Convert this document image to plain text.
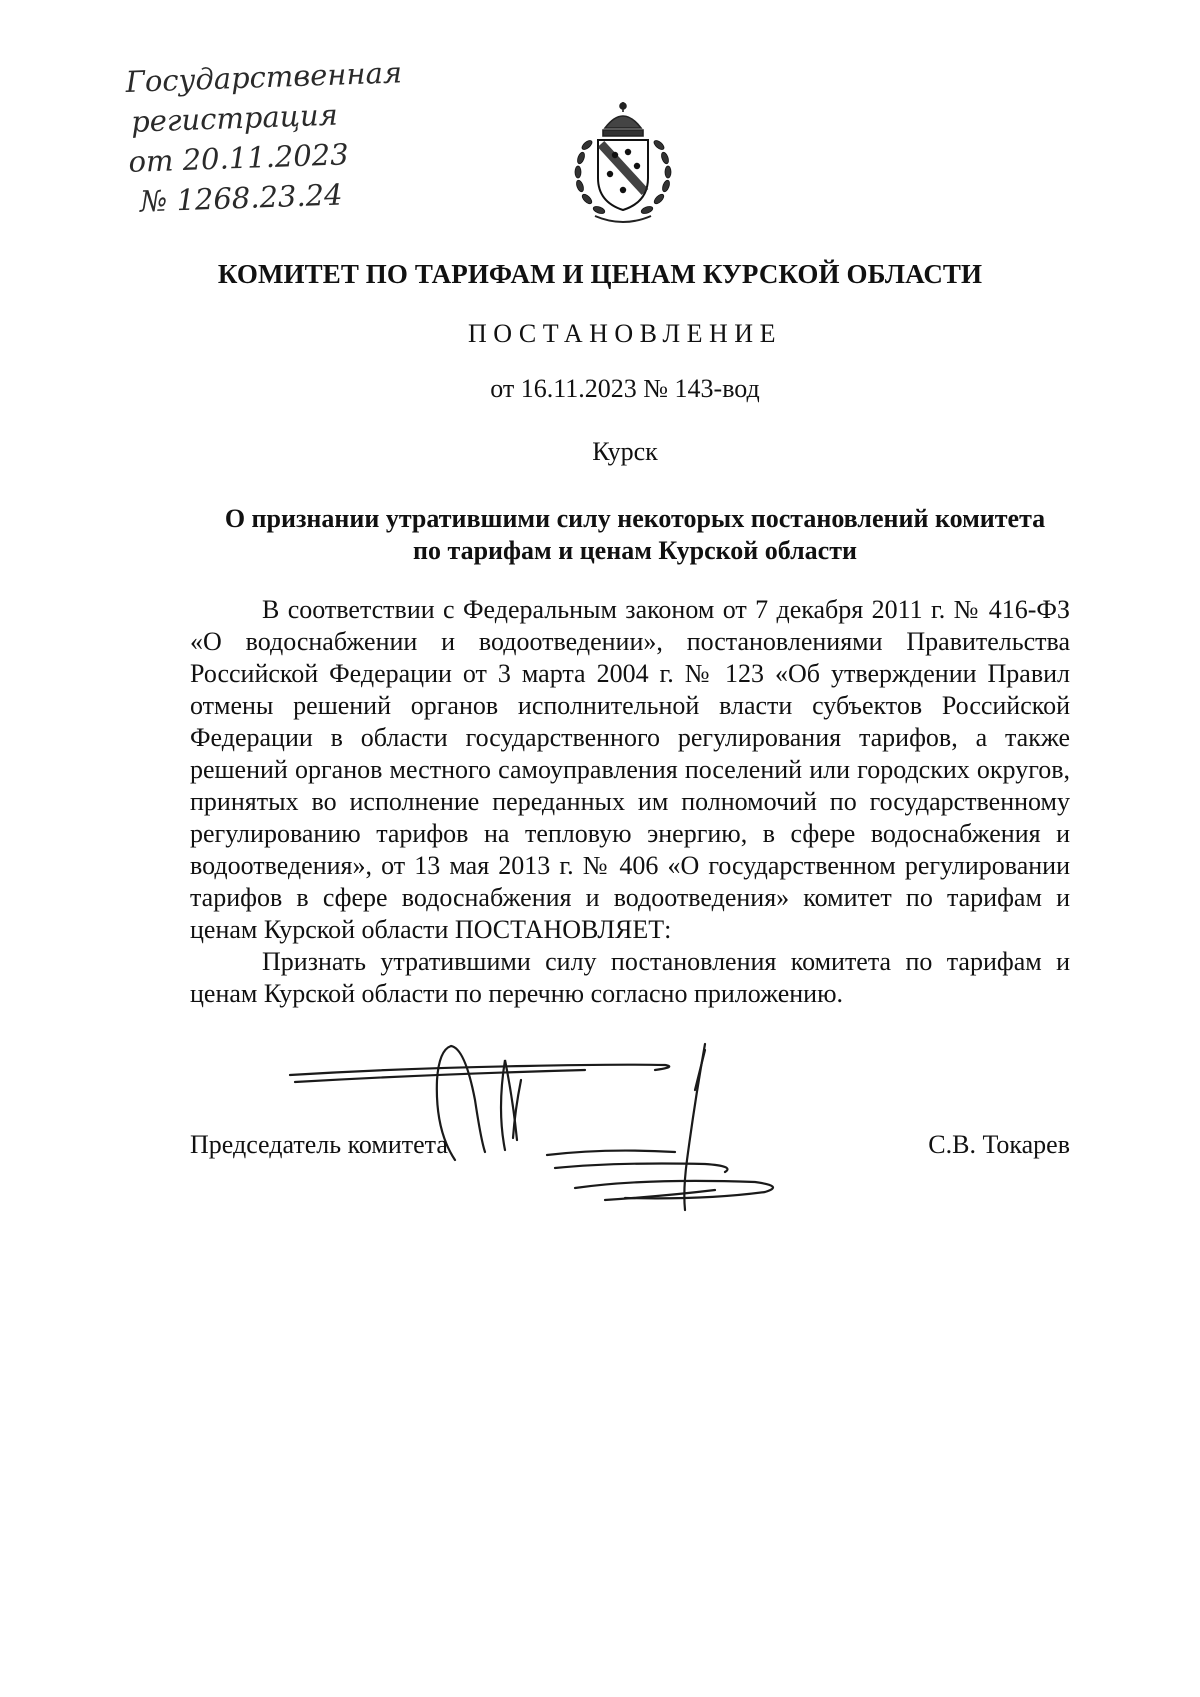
Государственная
регистрация
от 20.11.2023
№ 1268.23.24
КОМИТЕТ ПО ТАРИФАМ И ЦЕНАМ КУРСКОЙ ОБЛАСТИ
ПОСТАНОВЛЕНИЕ
от 16.11.2023 № 143-вод
Курск
О признании утратившими силу некоторых постановлений комитета
по тарифам и ценам Курской области

В соответствии с Федеральным законом от 7 декабря 2011 г. № 416-ФЗ «О водоснабжении и водоотведении», постановлениями Правительства Российской Федерации от 3 марта 2004 г. № 123 «Об утверждении Правил отмены решений органов исполнительной власти субъектов Российской Федерации в области государственного регулирования тарифов, а также решений органов местного самоуправления поселений или городских округов, принятых во исполнение переданных им полномочий по государственному регулированию тарифов на тепловую энергию, в сфере водоснабжения и водоотведения», от 13 мая 2013 г. № 406 «О государственном регулировании тарифов в сфере водоснабжения и водоотведения» комитет по тарифам и ценам Курской области ПОСТАНОВЛЯЕТ:

Признать утратившими силу постановления комитета по тарифам и ценам Курской области по перечню согласно приложению.

Председатель комитета	С.В. Токарев
